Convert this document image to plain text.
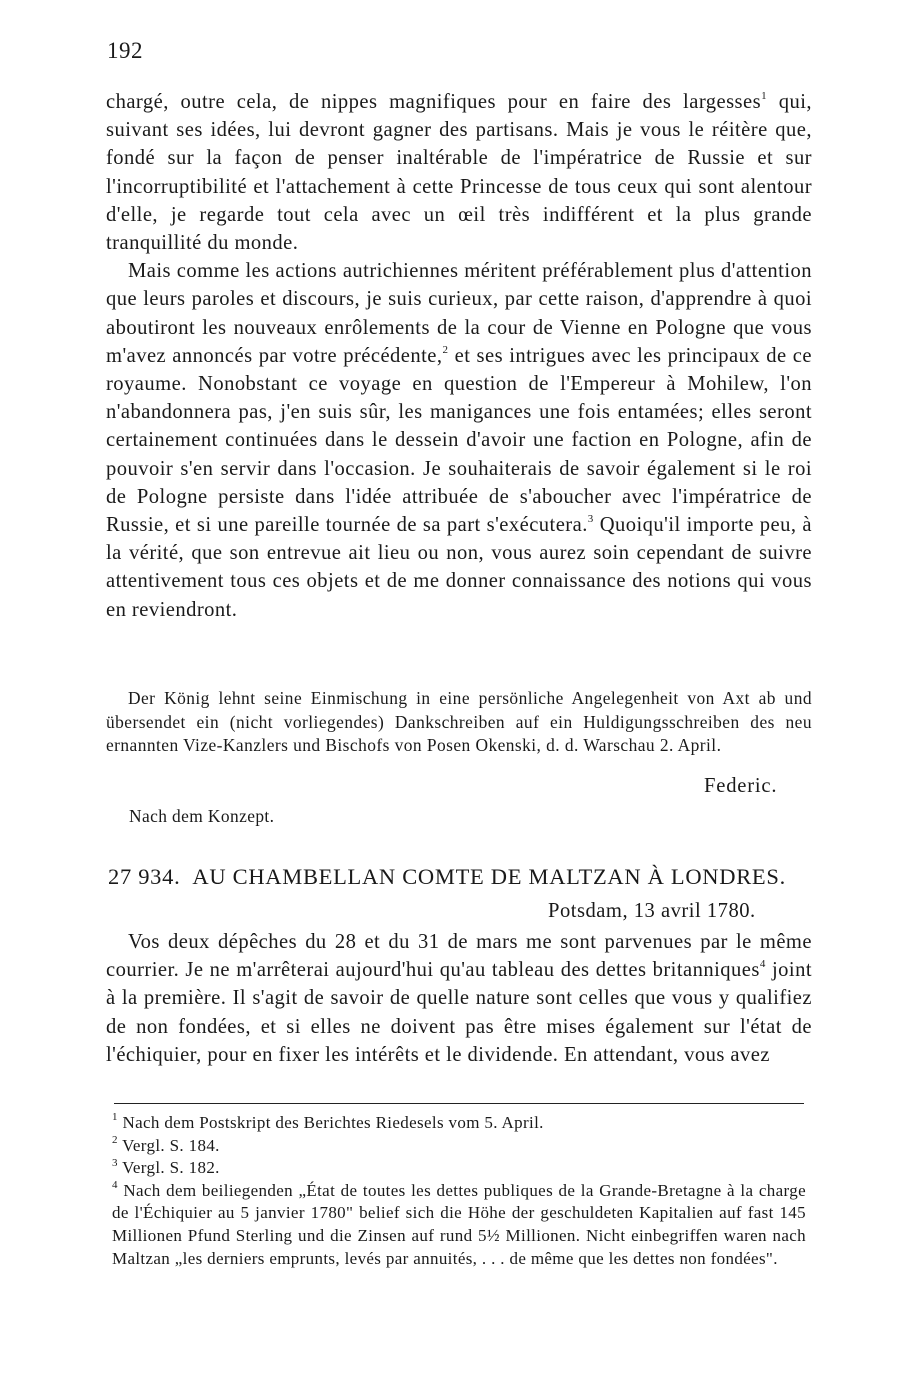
192

chargé, outre cela, de nippes magnifiques pour en faire des largesses$^1$ qui, suivant ses idées, lui devront gagner des partisans. Mais je vous le réitère que, fondé sur la façon de penser inaltérable de l'impératrice de Russie et sur l'incorruptibilité et l'attachement à cette Princesse de tous ceux qui sont alentour d'elle, je regarde tout cela avec un œil très indifférent et la plus grande tranquillité du monde.

Mais comme les actions autrichiennes méritent préférablement plus d'attention que leurs paroles et discours, je suis curieux, par cette raison, d'apprendre à quoi aboutiront les nouveaux enrôlements de la cour de Vienne en Pologne que vous m'avez annoncés par votre précédente,$^2$ et ses intrigues avec les principaux de ce royaume. Nonobstant ce voyage en question de l'Empereur à Mohilew, l'on n'abandonnera pas, j'en suis sûr, les manigances une fois entamées; elles seront certainement continuées dans le dessein d'avoir une faction en Pologne, afin de pouvoir s'en servir dans l'occasion. Je souhaiterais de savoir également si le roi de Pologne persiste dans l'idée attribuée de s'aboucher avec l'impératrice de Russie, et si une pareille tournée de sa part s'exécutera.$^3$ Quoiqu'il importe peu, à la vérité, que son entrevue ait lieu ou non, vous aurez soin cependant de suivre attentivement tous ces objets et de me donner connaissance des notions qui vous en reviendront.

Der König lehnt seine Einmischung in eine persönliche Angelegenheit von Axt ab und übersendet ein (nicht vorliegendes) Dankschreiben auf ein Huldigungsschreiben des neu ernannten Vize-Kanzlers und Bischofs von Posen Okenski, d. d. Warschau 2. April.
Federic.
Nach dem Konzept.
27 934. AU CHAMBELLAN COMTE DE MALTZAN À LONDRES.
Potsdam, 13 avril 1780.

Vos deux dépêches du 28 et du 31 de mars me sont parvenues par le même courrier. Je ne m'arrêterai aujourd'hui qu'au tableau des dettes britanniques$^4$ joint à la première. Il s'agit de savoir de quelle nature sont celles que vous y qualifiez de non fondées, et si elles ne doivent pas être mises également sur l'état de l'échiquier, pour en fixer les intérêts et le dividende. En attendant, vous avez

$^1$ Nach dem Postskript des Berichtes Riedesels vom 5. April.

$^2$ Vergl. S. 184.

$^3$ Vergl. S. 182.

$^4$ Nach dem beiliegenden „État de toutes les dettes publiques de la Grande-Bretagne à la charge de l'Échiquier au 5 janvier 1780" belief sich die Höhe der geschuldeten Kapitalien auf fast 145 Millionen Pfund Sterling und die Zinsen auf rund 5½ Millionen. Nicht einbegriffen waren nach Maltzan „les derniers emprunts, levés par annuités, . . . de même que les dettes non fondées".
